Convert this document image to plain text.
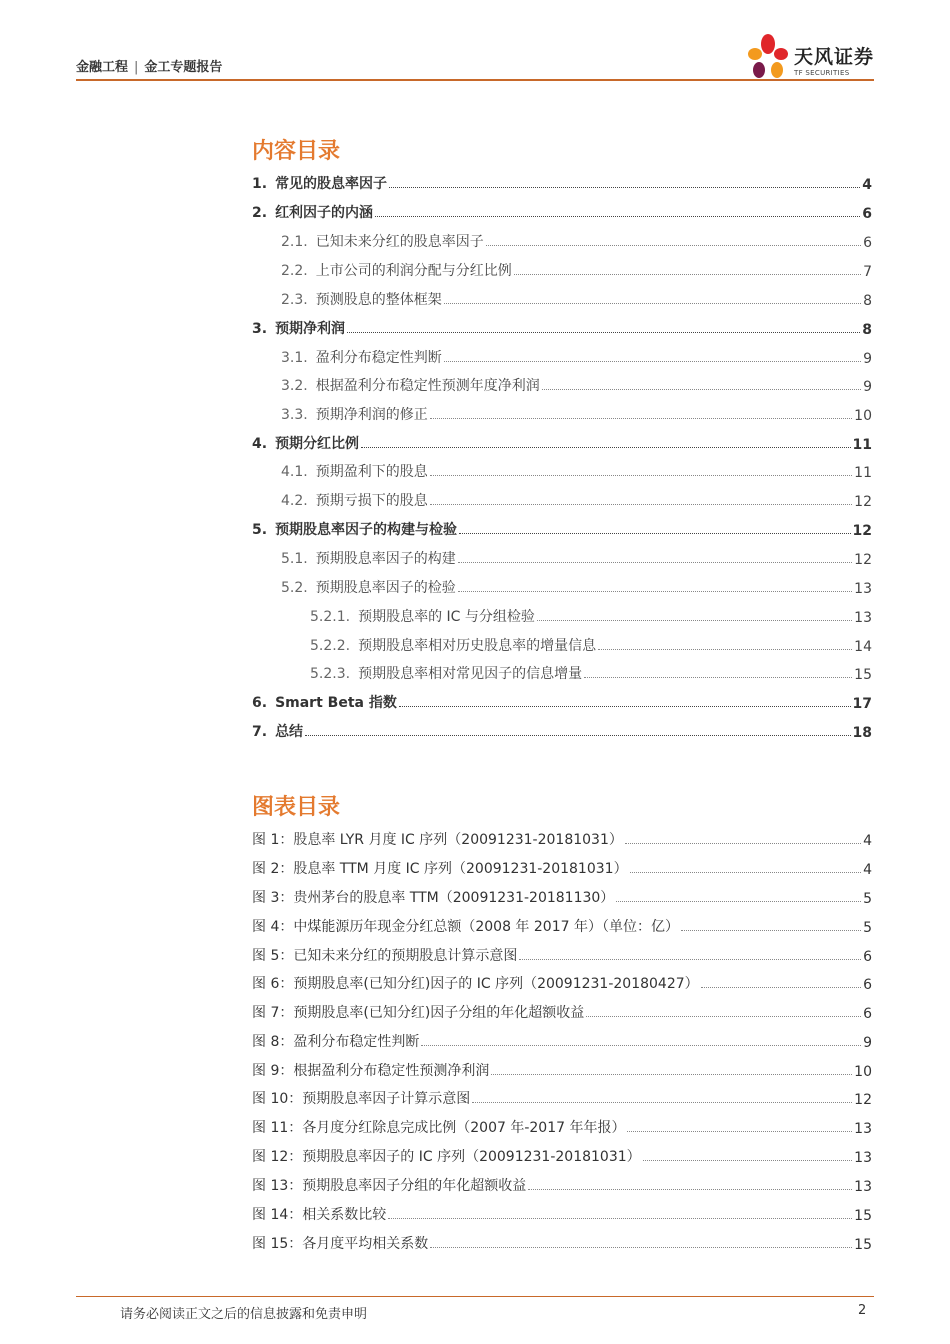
金融工程 | 金工专题报告	天风证券
TF SECURITIES
内容目录
1. 常见的股息率因子	4
2. 红利因子的内涵	6
2.1. 已知未来分红的股息率因子	6
2.2. 上市公司的利润分配与分红比例	7
2.3. 预测股息的整体框架	8
3. 预期净利润	8
3.1. 盈利分布稳定性判断	9
3.2. 根据盈利分布稳定性预测年度净利润	9
3.3. 预期净利润的修正	10
4. 预期分红比例	11
4.1. 预期盈利下的股息	11
4.2. 预期亏损下的股息	12
5. 预期股息率因子的构建与检验	12
5.1. 预期股息率因子的构建	12
5.2. 预期股息率因子的检验	13
5.2.1. 预期股息率的 IC 与分组检验	13
5.2.2. 预期股息率相对历史股息率的增量信息	14
5.2.3. 预期股息率相对常见因子的信息增量	15
6. Smart Beta 指数	17
7. 总结	18
图表目录
图 1：股息率 LYR 月度 IC 序列（20091231-20181031）	4
图 2：股息率 TTM 月度 IC 序列（20091231-20181031）	4
图 3：贵州茅台的股息率 TTM（20091231-20181130）	5
图 4：中煤能源历年现金分红总额（2008 年 2017 年）（单位：亿）	5
图 5：已知未来分红的预期股息计算示意图	6
图 6：预期股息率(已知分红)因子的 IC 序列（20091231-20180427）	6
图 7：预期股息率(已知分红)因子分组的年化超额收益	6
图 8：盈利分布稳定性判断	9
图 9：根据盈利分布稳定性预测净利润	10
图 10：预期股息率因子计算示意图	12
图 11：各月度分红除息完成比例（2007 年-2017 年年报）	13
图 12：预期股息率因子的 IC 序列（20091231-20181031）	13
图 13：预期股息率因子分组的年化超额收益	13
图 14：相关系数比较	15
图 15：各月度平均相关系数	15
请务必阅读正文之后的信息披露和免责申明	2
